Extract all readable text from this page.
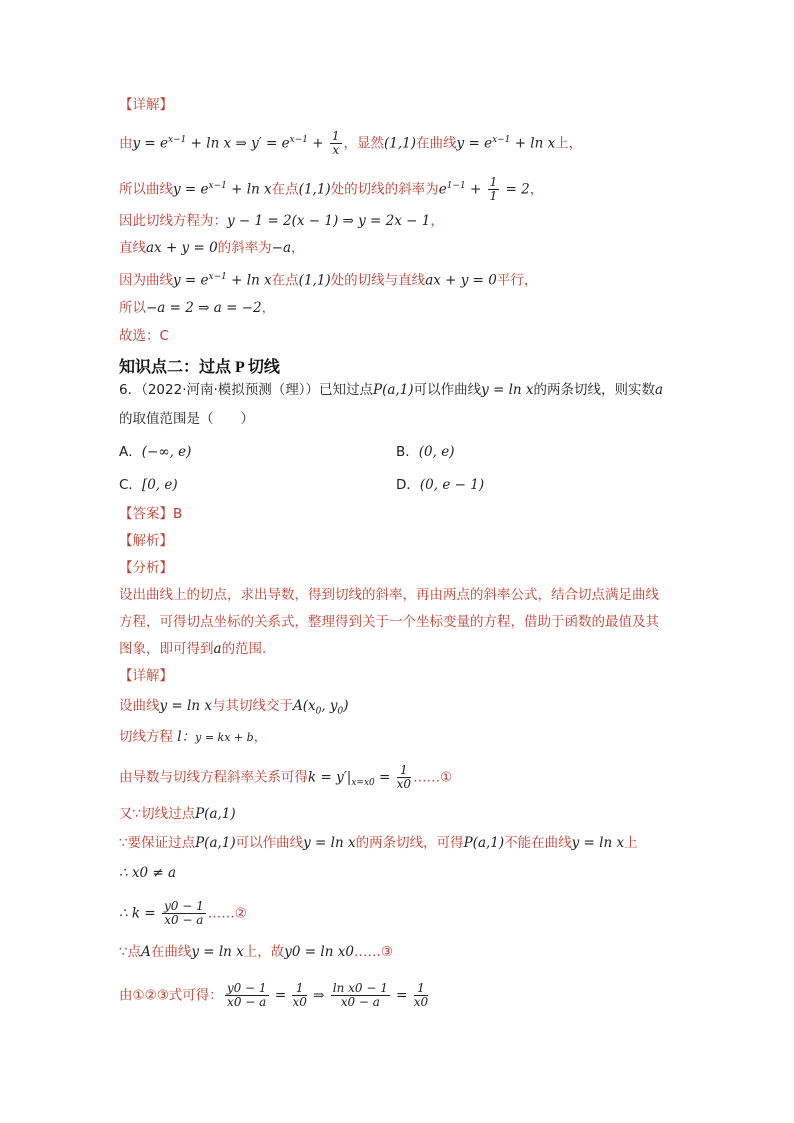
【详解】
由$y = e^{x-1} + \ln x$ ⇒ $y' = e^{x-1} + \frac{1}{x}$ ，显然(1,1)在曲线$y = e^{x-1} + \ln x$上，
所以曲线$y = e^{x-1} + \ln x$在点(1,1)处的切线的斜率为$e^{1-1} + \frac{1}{1} = 2$，
因此切线方程为：y − 1 = 2(x − 1) ⇒ y = 2x − 1，
直线ax + y = 0的斜率为−a，
因为曲线$y = e^{x-1} + \ln x$在点(1,1)处的切线与直线ax + y = 0平行，
所以−a = 2 ⇒ a = −2，
故选：C
知识点二：过点 P 切线
6．（2022·河南·模拟预测（理））已知过点P(a,1)可以作曲线y = ln x的两条切线，则实数a
的取值范围是（　　）
A．(−∞, e)	B．(0, e)
C．[0, e)	D．(0, e − 1)
【答案】B
【解析】
【分析】
设出曲线上的切点，求出导数，得到切线的斜率，再由两点的斜率公式，结合切点满足曲线
方程，可得切点坐标的关系式，整理得到关于一个坐标变量的方程，借助于函数的最值及其
图象，即可得到a的范围.
【详解】
设曲线y = ln x与其切线交于$A(x_0$, $y_0$)
切线方程 l：y = kx + b，
由导数与切线方程斜率关系可得$k = y'|_{x=x0} = \frac{1}{x0}$ ……①
又∵切线过点P(a,1)
∵要保证过点P(a,1)可以作曲线y = ln x的两条切线，可得P(a,1)不能在曲线y = ln x上
∴ x0 ≠ a
∴ $k = \frac{y0 - 1}{x0 - a}$ ……②
∵点A在曲线y = ln x上，故y0 = ln x0……③
由①②③式可得： $\frac{y0 - 1}{x0 - a} = \frac{1}{x0}$ ⇒ $\frac{\text{ln x0 − 1}}{x0 - a} = \frac{1}{x0}$
